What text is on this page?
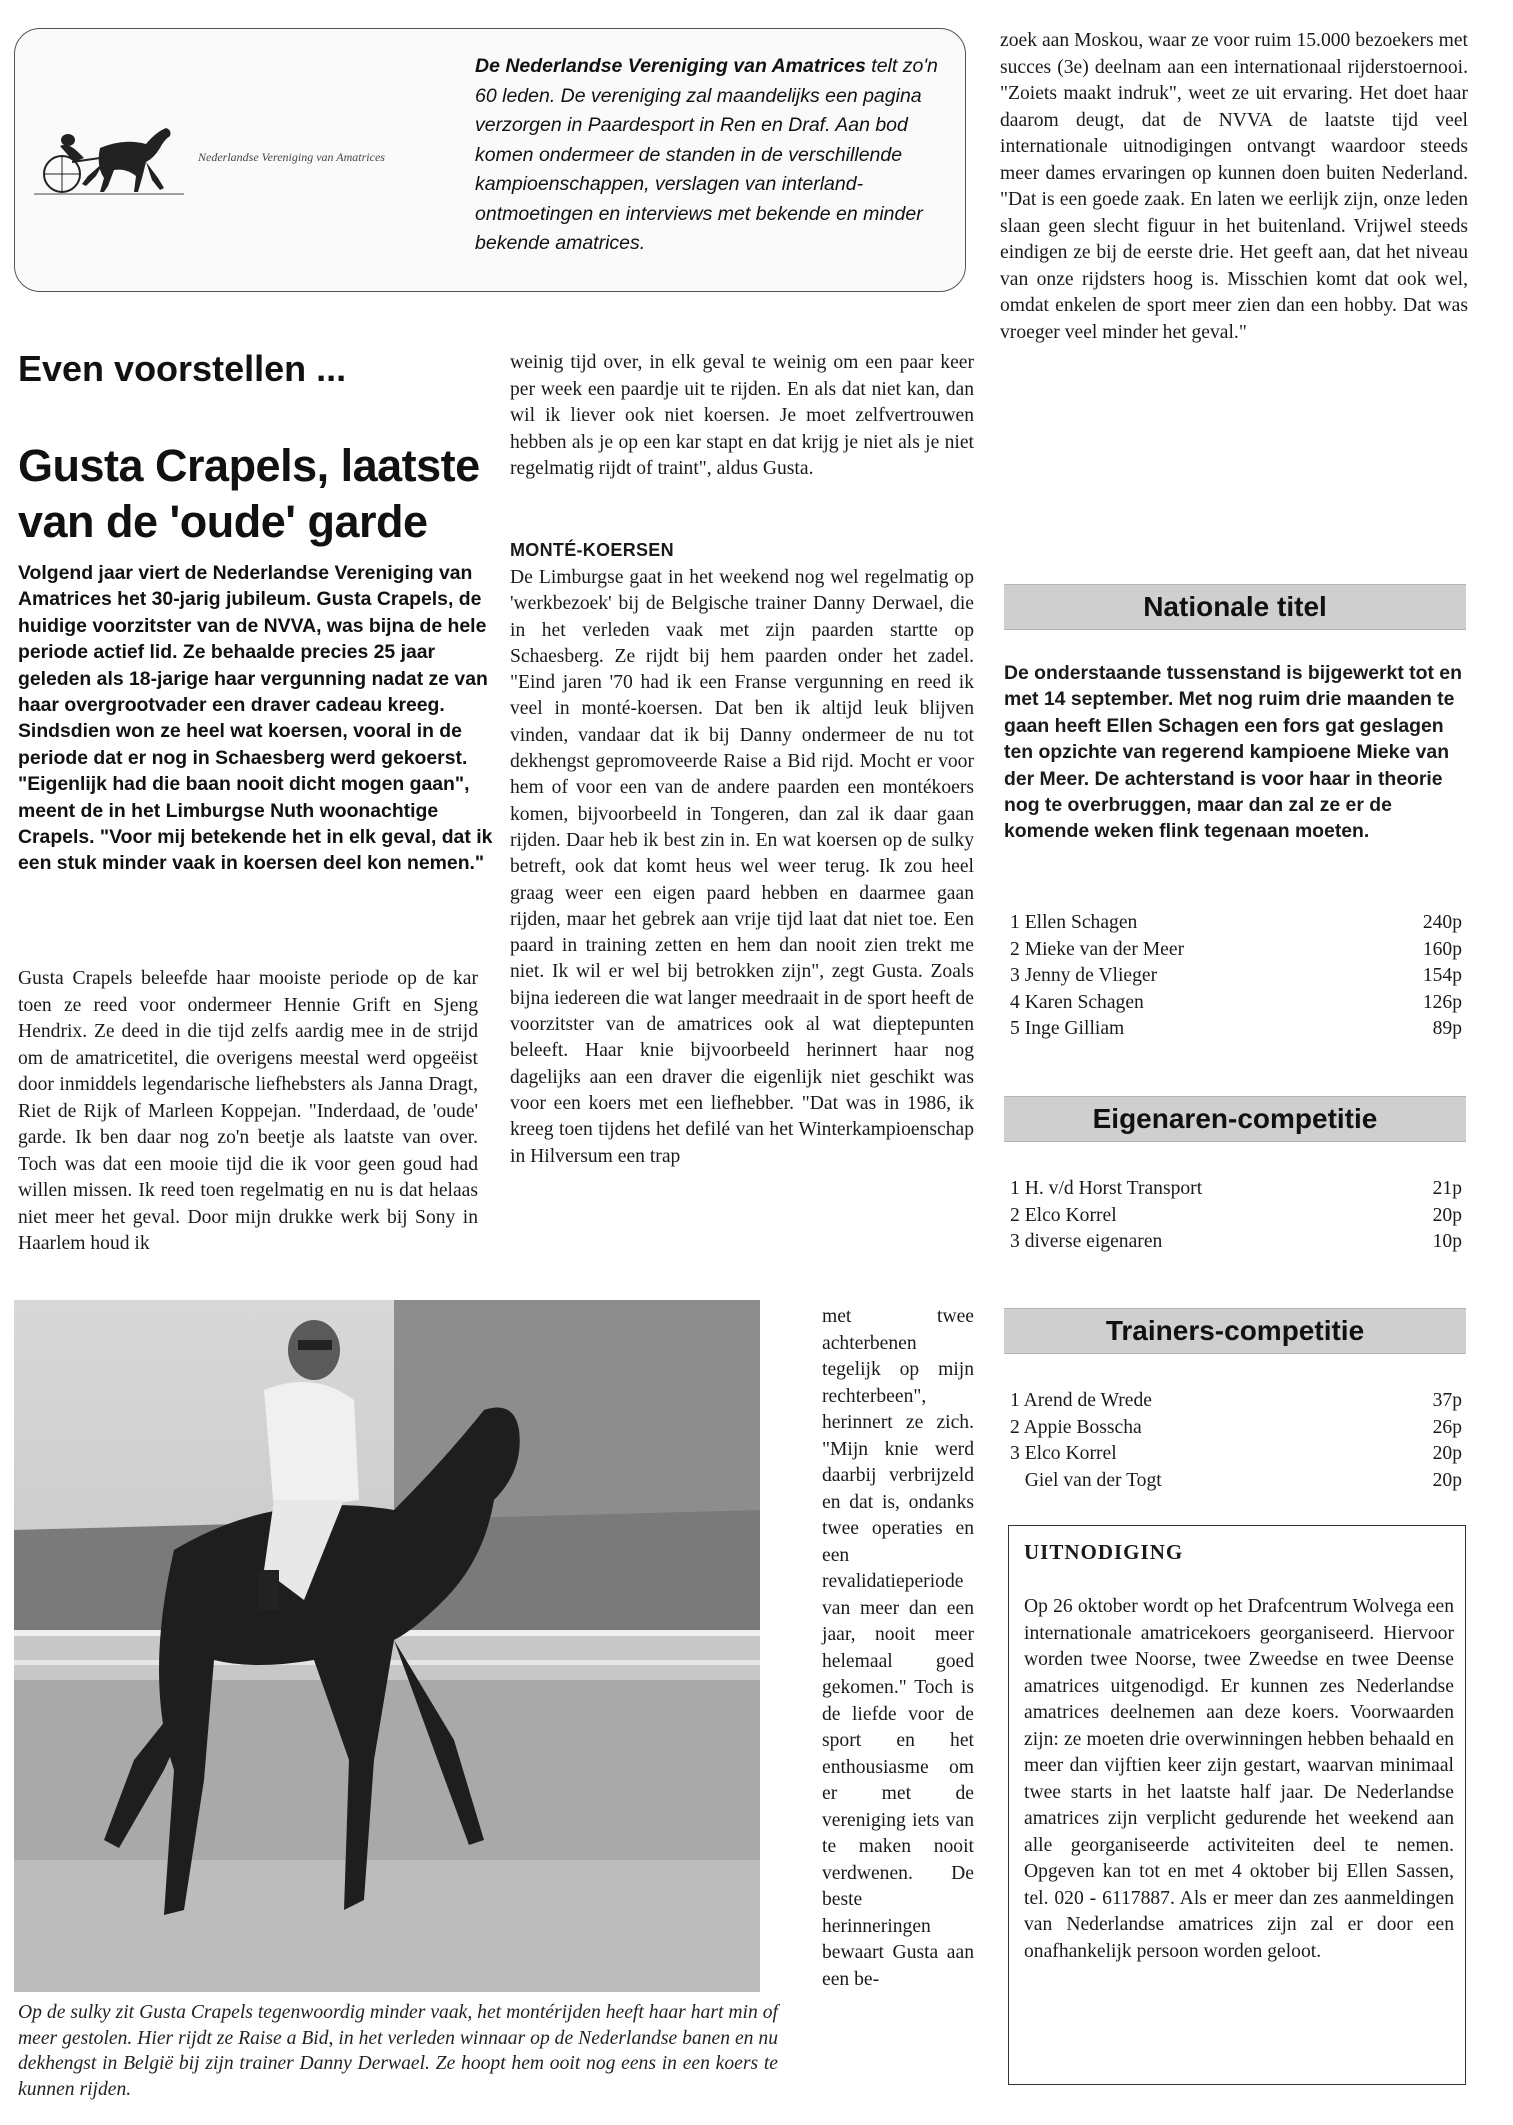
Nederlandse Vereniging van Amatrices
De Nederlandse Vereniging van Amatrices telt zo'n 60 leden. De vereniging zal maandelijks een pagina verzorgen in Paardesport in Ren en Draf. Aan bod komen ondermeer de standen in de verschillende kampioenschappen, verslagen van interland-ontmoetingen en interviews met bekende en minder bekende amatrices.
Even voorstellen ...
Gusta Crapels, laatste van de 'oude' garde
Volgend jaar viert de Nederlandse Vereniging van Amatrices het 30-jarig jubileum. Gusta Crapels, de huidige voorzitster van de NVVA, was bijna de hele periode actief lid. Ze behaalde precies 25 jaar geleden als 18-jarige haar vergunning nadat ze van haar overgrootvader een draver cadeau kreeg. Sindsdien won ze heel wat koersen, vooral in de periode dat er nog in Schaesberg werd gekoerst. "Eigenlijk had die baan nooit dicht mogen gaan", meent de in het Limburgse Nuth woonachtige Crapels. "Voor mij betekende het in elk geval, dat ik een stuk minder vaak in koersen deel kon nemen."
Gusta Crapels beleefde haar mooiste periode op de kar toen ze reed voor ondermeer Hennie Grift en Sjeng Hendrix. Ze deed in die tijd zelfs aardig mee in de strijd om de amatricetitel, die overigens meestal werd opgeëist door inmiddels legendarische liefhebsters als Janna Dragt, Riet de Rijk of Marleen Koppejan. "Inderdaad, de 'oude' garde. Ik ben daar nog zo'n beetje als laatste van over. Toch was dat een mooie tijd die ik voor geen goud had willen missen. Ik reed toen regelmatig en nu is dat helaas niet meer het geval. Door mijn drukke werk bij Sony in Haarlem houd ik
Op de sulky zit Gusta Crapels tegenwoordig minder vaak, het montérijden heeft haar hart min of meer gestolen. Hier rijdt ze Raise a Bid, in het verleden winnaar op de Nederlandse banen en nu dekhengst in België bij zijn trainer Danny Derwael. Ze hoopt hem ooit nog eens in een koers te kunnen rijden.
weinig tijd over, in elk geval te weinig om een paar keer per week een paardje uit te rijden. En als dat niet kan, dan wil ik liever ook niet koersen. Je moet zelfvertrouwen hebben als je op een kar stapt en dat krijg je niet als je niet regelmatig rijdt of traint", aldus Gusta.
MONTÉ-KOERSEN
De Limburgse gaat in het weekend nog wel regelmatig op 'werkbezoek' bij de Belgische trainer Danny Derwael, die in het verleden vaak met zijn paarden startte op Schaesberg. Ze rijdt bij hem paarden onder het zadel. "Eind jaren '70 had ik een Franse vergunning en reed ik veel in monté-koersen. Dat ben ik altijd leuk blijven vinden, vandaar dat ik bij Danny ondermeer de nu tot dekhengst gepromoveerde Raise a Bid rijd. Mocht er voor hem of voor een van de andere paarden een montékoers komen, bijvoorbeeld in Tongeren, dan zal ik daar gaan rijden. Daar heb ik best zin in. En wat koersen op de sulky betreft, ook dat komt heus wel weer terug. Ik zou heel graag weer een eigen paard hebben en daarmee gaan rijden, maar het gebrek aan vrije tijd laat dat niet toe. Een paard in training zetten en hem dan nooit zien trekt me niet. Ik wil er wel bij betrokken zijn", zegt Gusta. Zoals bijna iedereen die wat langer meedraait in de sport heeft de voorzitster van de amatrices ook al wat dieptepunten beleeft. Haar knie bijvoorbeeld herinnert haar nog dagelijks aan een draver die eigenlijk niet geschikt was voor een koers met een liefhebber. "Dat was in 1986, ik kreeg toen tijdens het defilé van het Winterkampioenschap in Hilversum een trap
met twee achterbenen tegelijk op mijn rechterbeen", herinnert ze zich. "Mijn knie werd daarbij verbrijzeld en dat is, ondanks twee operaties en een revalidatieperiode van meer dan een jaar, nooit meer helemaal goed gekomen." Toch is de liefde voor de sport en het enthousiasme om er met de vereniging iets van te maken nooit verdwenen. De beste herinneringen bewaart Gusta aan een be-
zoek aan Moskou, waar ze voor ruim 15.000 bezoekers met succes (3e) deelnam aan een internationaal rijderstoernooi. "Zoiets maakt indruk", weet ze uit ervaring. Het doet haar daarom deugt, dat de NVVA de laatste tijd veel internationale uitnodigingen ontvangt waardoor steeds meer dames ervaringen op kunnen doen buiten Nederland. "Dat is een goede zaak. En laten we eerlijk zijn, onze leden slaan geen slecht figuur in het buitenland. Vrijwel steeds eindigen ze bij de eerste drie. Het geeft aan, dat het niveau van onze rijdsters hoog is. Misschien komt dat ook wel, omdat enkelen de sport meer zien dan een hobby. Dat was vroeger veel minder het geval."
Nationale titel
De onderstaande tussenstand is bijgewerkt tot en met 14 september. Met nog ruim drie maanden te gaan heeft Ellen Schagen een fors gat geslagen ten opzichte van regerend kampioene Mieke van der Meer. De achterstand is voor haar in theorie nog te overbruggen, maar dan zal ze er de komende weken flink tegenaan moeten.
1 Ellen Schagen	240p
2 Mieke van der Meer	160p
3 Jenny de Vlieger	154p
4 Karen Schagen	126p
5 Inge Gilliam	89p
Eigenaren-competitie
1 H. v/d Horst Transport	21p
2 Elco Korrel	20p
3 diverse eigenaren	10p
Trainers-competitie
1 Arend de Wrede	37p
2 Appie Bosscha	26p
3 Elco Korrel	20p
Giel van der Togt	20p
UITNODIGING
Op 26 oktober wordt op het Drafcentrum Wolvega een internationale amatricekoers georganiseerd. Hiervoor worden twee Noorse, twee Zweedse en twee Deense amatrices uitgenodigd. Er kunnen zes Nederlandse amatrices deelnemen aan deze koers. Voorwaarden zijn: ze moeten drie overwinningen hebben behaald en meer dan vijftien keer zijn gestart, waarvan minimaal twee starts in het laatste half jaar. De Nederlandse amatrices zijn verplicht gedurende het weekend aan alle georganiseerde activiteiten deel te nemen. Opgeven kan tot en met 4 oktober bij Ellen Sassen, tel. 020 - 6117887. Als er meer dan zes aanmeldingen van Nederlandse amatrices zijn zal er door een onafhankelijk persoon worden geloot.
